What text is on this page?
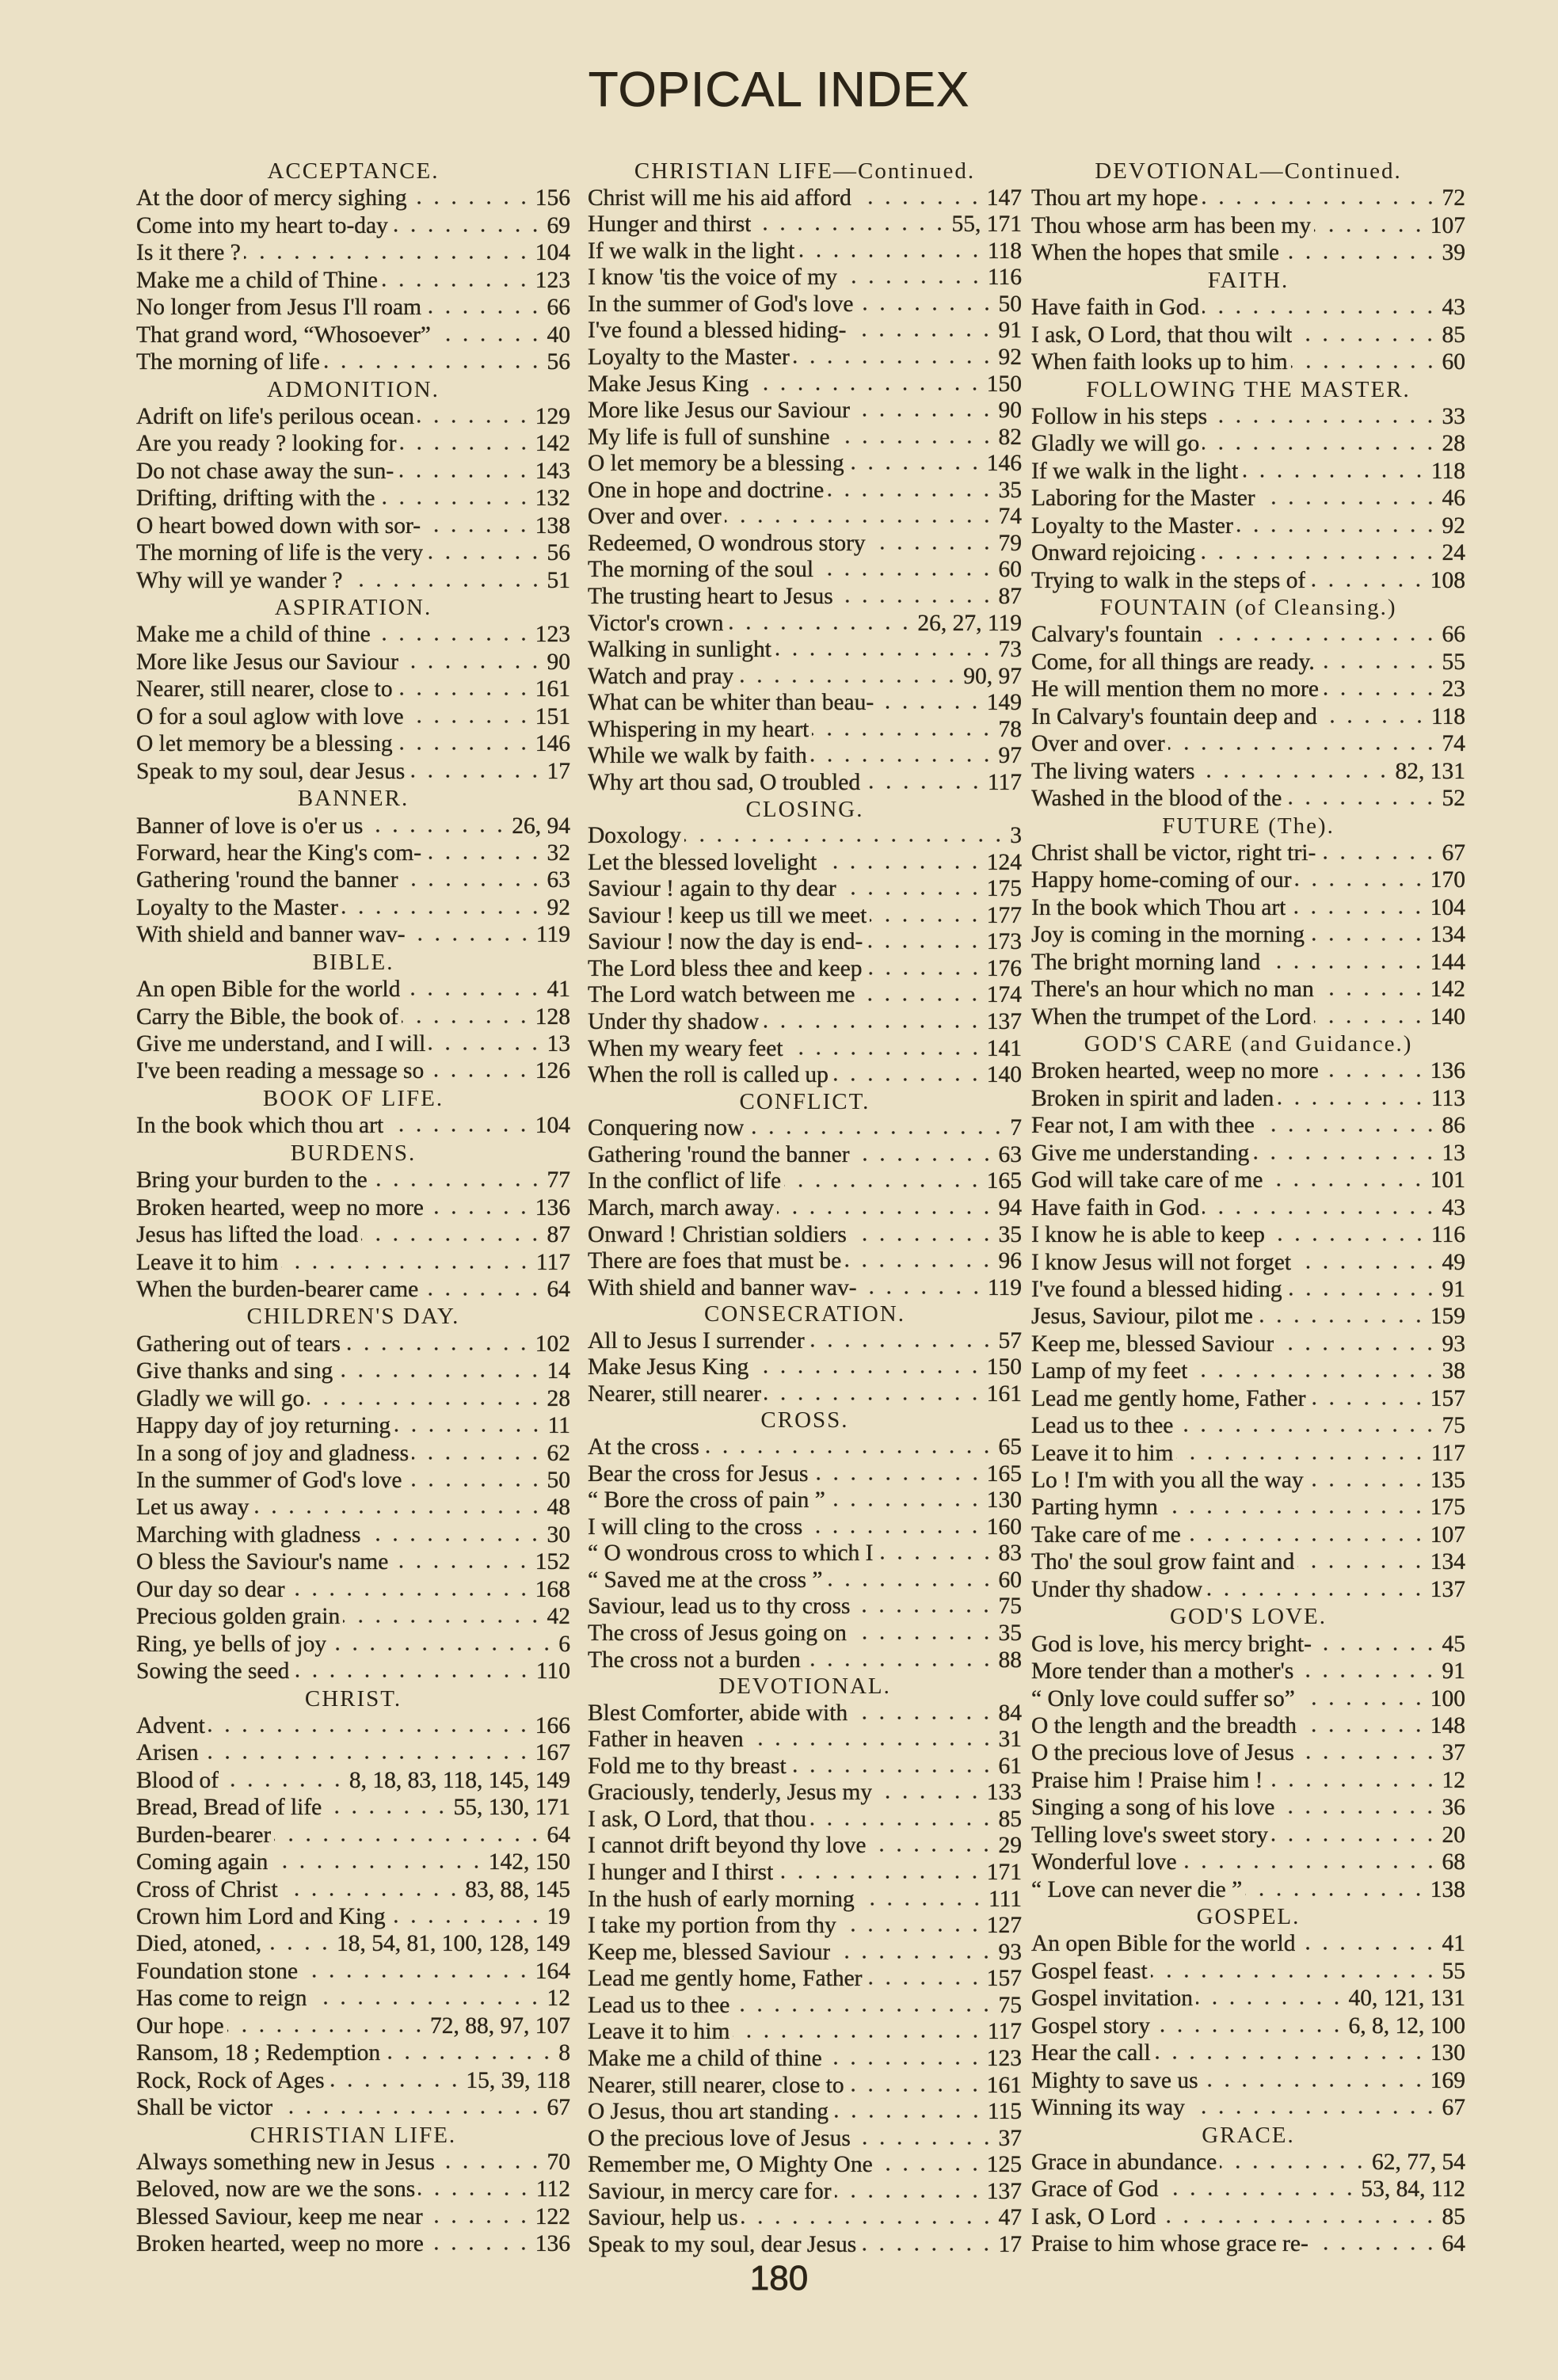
TOPICAL INDEX
ACCEPTANCE.
At the door of mercy sighing	156
Come into my heart to-day	69
Is it there ?	104
Make me a child of Thine	123
No longer from Jesus I'll roam	66
That grand word, “Whosoever”	40
The morning of life	56
ADMONITION.
Adrift on life's perilous ocean	129
Are you ready ? looking for	142
Do not chase away the sun-	143
Drifting, drifting with the	132
O heart bowed down with sor-	138
The morning of life is the very	56
Why will ye wander ?	51
ASPIRATION.
Make me a child of thine	123
More like Jesus our Saviour	90
Nearer, still nearer, close to	161
O for a soul aglow with love	151
O let memory be a blessing	146
Speak to my soul, dear Jesus	17
BANNER.
Banner of love is o'er us	26, 94
Forward, hear the King's com-	32
Gathering 'round the banner	63
Loyalty to the Master	92
With shield and banner wav-	119
BIBLE.
An open Bible for the world	41
Carry the Bible, the book of	128
Give me understand, and I will	13
I've been reading a message so	126
BOOK OF LIFE.
In the book which thou art	104
BURDENS.
Bring your burden to the	77
Broken hearted, weep no more	136
Jesus has lifted the load	87
Leave it to him	117
When the burden-bearer came	64
CHILDREN'S DAY.
Gathering out of tears	102
Give thanks and sing	14
Gladly we will go	28
Happy day of joy returning	11
In a song of joy and gladness	62
In the summer of God's love	50
Let us away	48
Marching with gladness	30
O bless the Saviour's name	152
Our day so dear	168
Precious golden grain	42
Ring, ye bells of joy	6
Sowing the seed	110
CHRIST.
Advent	166
Arisen	167
Blood of	8, 18, 83, 118, 145, 149
Bread, Bread of life	55, 130, 171
Burden-bearer	64
Coming again	142, 150
Cross of Christ	83, 88, 145
Crown him Lord and King	19
Died, atoned,	18, 54, 81, 100, 128, 149
Foundation stone	164
Has come to reign	12
Our hope	72, 88, 97, 107
Ransom, 18 ; Redemption	8
Rock, Rock of Ages	15, 39, 118
Shall be victor	67
CHRISTIAN LIFE.
Always something new in Jesus	70
Beloved, now are we the sons	112
Blessed Saviour, keep me near	122
Broken hearted, weep no more	136
CHRISTIAN LIFE—Continued.
Christ will me his aid afford	147
Hunger and thirst	55, 171
If we walk in the light	118
I know 'tis the voice of my	116
In the summer of God's love	50
I've found a blessed hiding-	91
Loyalty to the Master	92
Make Jesus King	150
More like Jesus our Saviour	90
My life is full of sunshine	82
O let memory be a blessing	146
One in hope and doctrine	35
Over and over	74
Redeemed, O wondrous story	79
The morning of the soul	60
The trusting heart to Jesus	87
Victor's crown	26, 27, 119
Walking in sunlight	73
Watch and pray	90, 97
What can be whiter than beau-	149
Whispering in my heart	78
While we walk by faith	97
Why art thou sad, O troubled	117
CLOSING.
Doxology	3
Let the blessed lovelight	124
Saviour ! again to thy dear	175
Saviour ! keep us till we meet	177
Saviour ! now the day is end-	173
The Lord bless thee and keep	176
The Lord watch between me	174
Under thy shadow	137
When my weary feet	141
When the roll is called up	140
CONFLICT.
Conquering now	7
Gathering 'round the banner	63
In the conflict of life	165
March, march away	94
Onward ! Christian soldiers	35
There are foes that must be	96
With shield and banner wav-	119
CONSECRATION.
All to Jesus I surrender	57
Make Jesus King	150
Nearer, still nearer	161
CROSS.
At the cross	65
Bear the cross for Jesus	165
“ Bore the cross of pain ”	130
I will cling to the cross	160
“ O wondrous cross to which I	83
“ Saved me at the cross ”	60
Saviour, lead us to thy cross	75
The cross of Jesus going on	35
The cross not a burden	88
DEVOTIONAL.
Blest Comforter, abide with	84
Father in heaven	31
Fold me to thy breast	61
Graciously, tenderly, Jesus my	133
I ask, O Lord, that thou	85
I cannot drift beyond thy love	29
I hunger and I thirst	171
In the hush of early morning	111
I take my portion from thy	127
Keep me, blessed Saviour	93
Lead me gently home, Father	157
Lead us to thee	75
Leave it to him	117
Make me a child of thine	123
Nearer, still nearer, close to	161
O Jesus, thou art standing	115
O the precious love of Jesus	37
Remember me, O Mighty One	125
Saviour, in mercy care for	137
Saviour, help us	47
Speak to my soul, dear Jesus	17
DEVOTIONAL—Continued.
Thou art my hope	72
Thou whose arm has been my	107
When the hopes that smile	39
FAITH.
Have faith in God	43
I ask, O Lord, that thou wilt	85
When faith looks up to him	60
FOLLOWING THE MASTER.
Follow in his steps	33
Gladly we will go	28
If we walk in the light	118
Laboring for the Master	46
Loyalty to the Master	92
Onward rejoicing	24
Trying to walk in the steps of	108
FOUNTAIN (of Cleansing.)
Calvary's fountain	66
Come, for all things are ready.	55
He will mention them no more	23
In Calvary's fountain deep and	118
Over and over	74
The living waters	82, 131
Washed in the blood of the	52
FUTURE (The).
Christ shall be victor, right tri-	67
Happy home-coming of our	170
In the book which Thou art	104
Joy is coming in the morning	134
The bright morning land	144
There's an hour which no man	142
When the trumpet of the Lord	140
GOD'S CARE (and Guidance.)
Broken hearted, weep no more	136
Broken in spirit and laden	113
Fear not, I am with thee	86
Give me understanding	13
God will take care of me	101
Have faith in God	43
I know he is able to keep	116
I know Jesus will not forget	49
I've found a blessed hiding	91
Jesus, Saviour, pilot me	159
Keep me, blessed Saviour	93
Lamp of my feet	38
Lead me gently home, Father	157
Lead us to thee	75
Leave it to him	117
Lo ! I'm with you all the way	135
Parting hymn	175
Take care of me	107
Tho' the soul grow faint and	134
Under thy shadow	137
GOD'S LOVE.
God is love, his mercy bright-	45
More tender than a mother's	91
“ Only love could suffer so”	100
O the length and the breadth	148
O the precious love of Jesus	37
Praise him ! Praise him !	12
Singing a song of his love	36
Telling love's sweet story	20
Wonderful love	68
“ Love can never die ”	138
GOSPEL.
An open Bible for the world	41
Gospel feast	55
Gospel invitation	40, 121, 131
Gospel story	6, 8, 12, 100
Hear the call	130
Mighty to save us	169
Winning its way	67
GRACE.
Grace in abundance	62, 77, 54
Grace of God	53, 84, 112
I ask, O Lord	85
Praise to him whose grace re-	64
180
